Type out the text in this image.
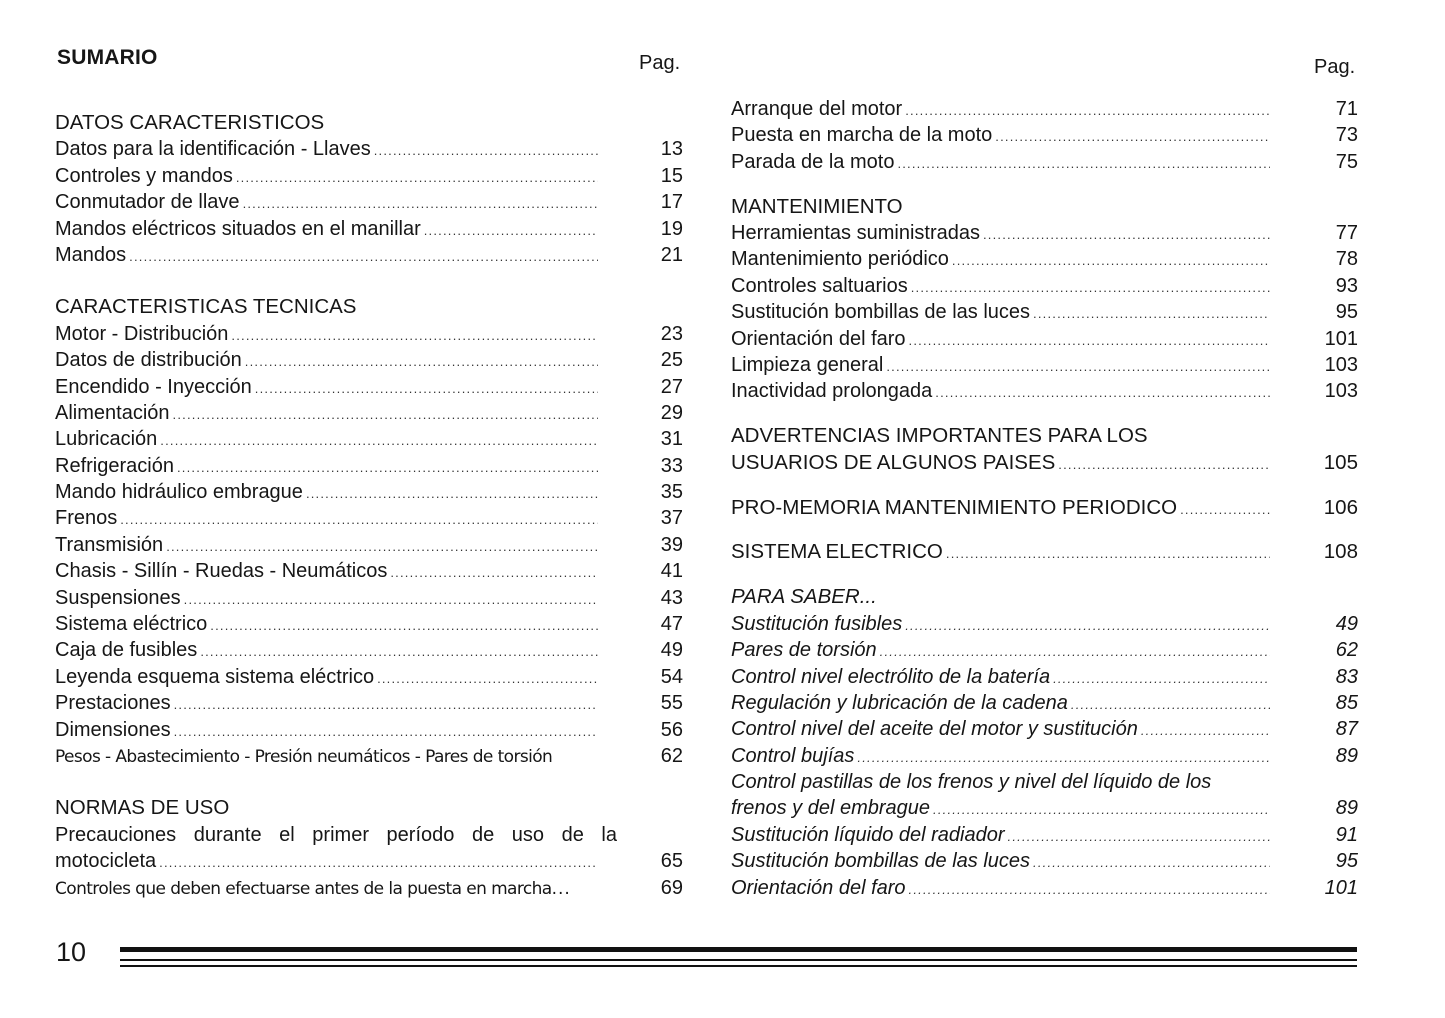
SUMARIO	Pag.	Pag.
DATOS CARACTERISTICOS
Datos para la identificación - Llaves .....	13
Controles y mandos .....	15
Conmutador de llave .....	17
Mandos eléctricos situados en el manillar .....	19
Mandos .....	21
CARACTERISTICAS TECNICAS
Motor - Distribución .....	23
Datos de distribución .....	25
Encendido - Inyección .....	27
Alimentación .....	29
Lubricación .....	31
Refrigeración .....	33
Mando hidráulico embrague .....	35
Frenos .....	37
Transmisión .....	39
Chasis - Sillín - Ruedas - Neumáticos .....	41
Suspensiones .....	43
Sistema eléctrico .....	47
Caja de fusibles .....	49
Leyenda esquema sistema eléctrico .....	54
Prestaciones .....	55
Dimensiones .....	56
Pesos - Abastecimiento - Presión neumáticos - Pares de torsión	62
NORMAS DE USO
Precauciones durante el primer período de uso de la
motocicleta .....	65
Controles que deben efectuarse antes de la puesta en marcha ...	69
Arranque del motor .....	71
Puesta en marcha de la moto .....	73
Parada de la moto .....	75
MANTENIMIENTO
Herramientas suministradas .....	77
Mantenimiento periódico .....	78
Controles saltuarios .....	93
Sustitución bombillas de las luces .....	95
Orientación del faro .....	101
Limpieza general .....	103
Inactividad prolongada .....	103
ADVERTENCIAS IMPORTANTES PARA LOS
USUARIOS DE ALGUNOS PAISES .....	105
PRO-MEMORIA MANTENIMIENTO PERIODICO .....	106
SISTEMA ELECTRICO .....	108
PARA SABER...
Sustitución fusibles .....	49
Pares de torsión .....	62
Control nivel electrólito de la batería .....	83
Regulación y lubricación de la cadena .....	85
Control nivel del aceite del motor y sustitución .....	87
Control bujías .....	89
Control pastillas de los frenos y nivel del líquido de los
frenos y del embrague .....	89
Sustitución líquido del radiador .....	91
Sustitución bombillas de las luces .....	95
Orientación del faro .....	101
10
